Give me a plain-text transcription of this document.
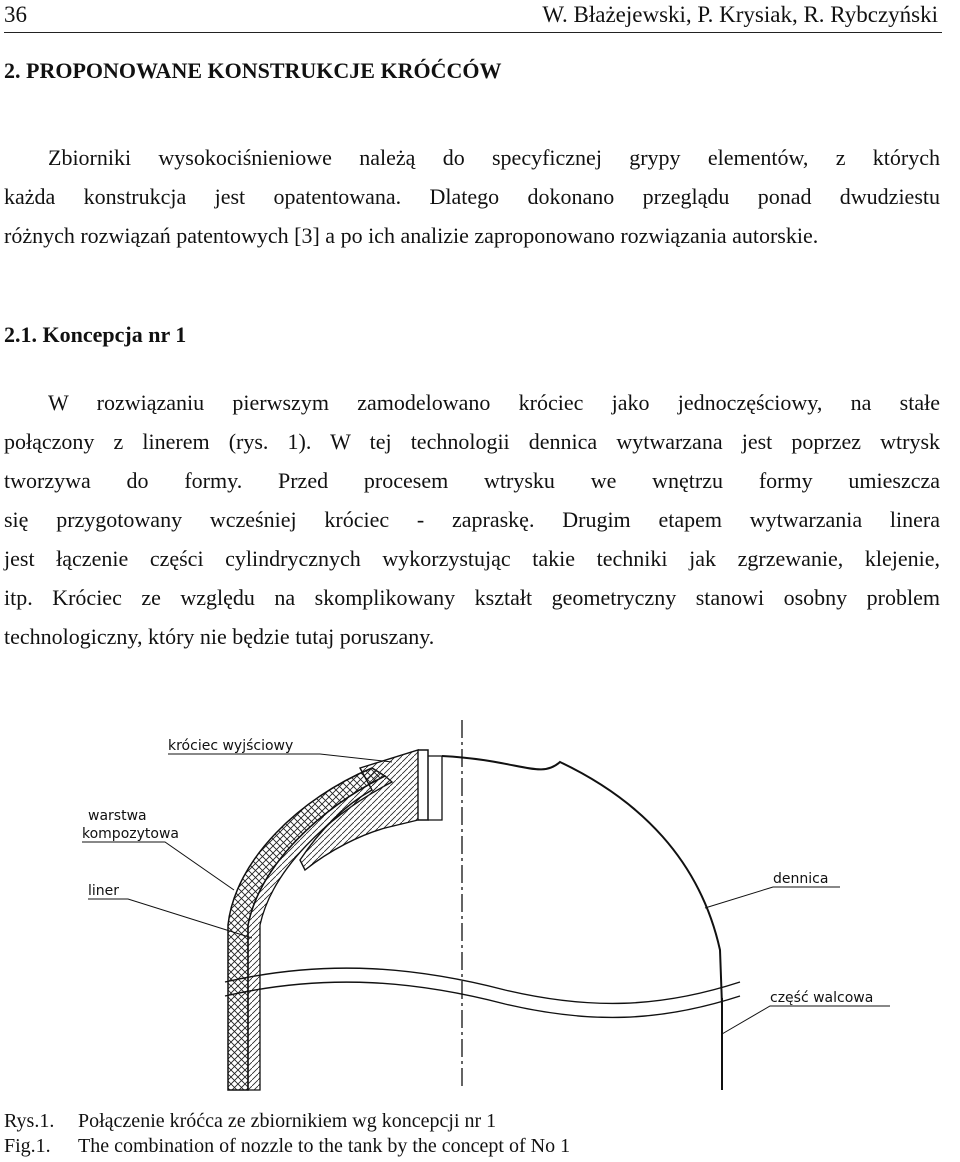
36	W. Błażejewski, P. Krysiak, R. Rybczyński
2. PROPONOWANE KONSTRUKCJE KRÓĆCÓW
Zbiorniki wysokociśnieniowe należą do specyficznej grypy elementów, z których
każda konstrukcja jest opatentowana. Dlatego dokonano przeglądu ponad dwudziestu
różnych rozwiązań patentowych [3] a po ich analizie zaproponowano rozwiązania autorskie.
2.1. Koncepcja nr 1
W rozwiązaniu pierwszym zamodelowano króciec jako jednoczęściowy, na stałe
połączony z linerem (rys. 1). W tej technologii dennica wytwarzana jest poprzez wtrysk
tworzywa do formy. Przed procesem wtrysku we wnętrzu formy umieszcza
się przygotowany wcześniej króciec - zapraskę. Drugim etapem wytwarzania linera
jest łączenie części cylindrycznych wykorzystując takie techniki jak zgrzewanie, klejenie,
itp. Króciec ze względu na skomplikowany kształt geometryczny stanowi osobny problem
technologiczny, który nie będzie tutaj poruszany.
króciec wyjściowy
warstwa
kompozytowa
liner
dennica
część walcowa
Rys.1. Połączenie króćca ze zbiornikiem wg koncepcji nr 1
Fig.1. The combination of nozzle to the tank by the concept of No 1
